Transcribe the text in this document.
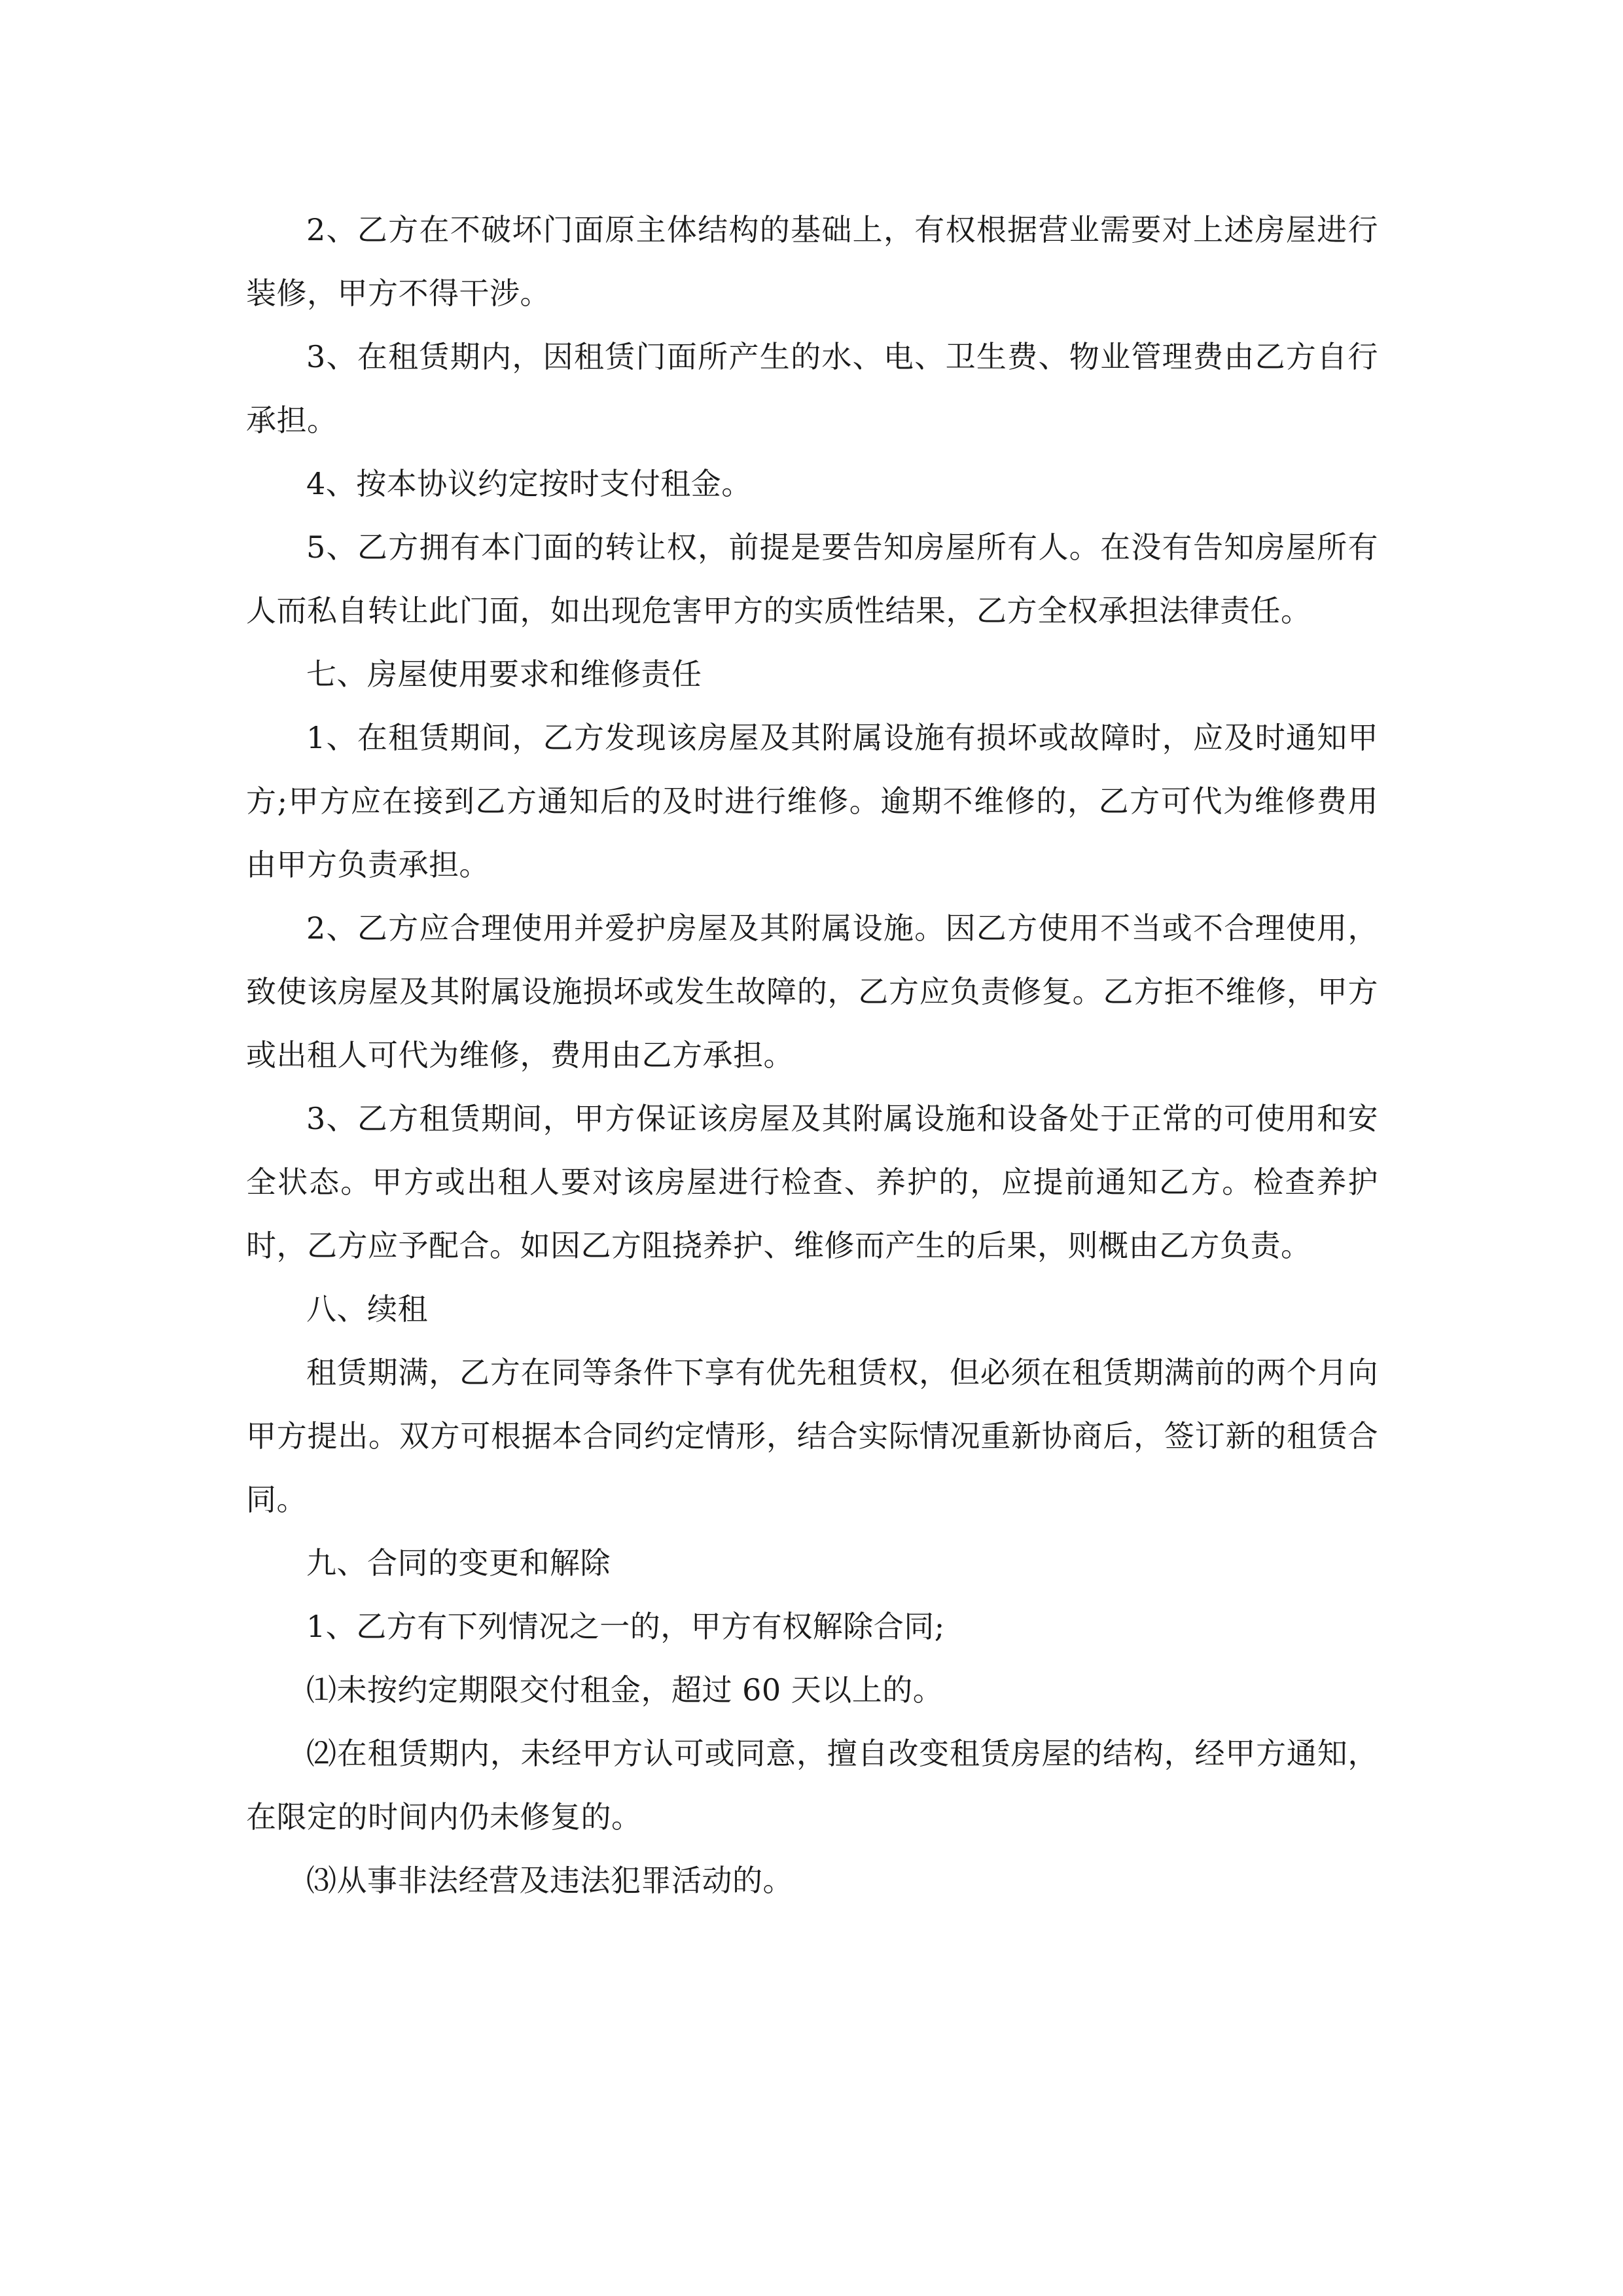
2、乙方在不破坏门面原主体结构的基础上，有权根据营业需要对上述房屋进行装修，甲方不得干涉。

3、在租赁期内，因租赁门面所产生的水、电、卫生费、物业管理费由乙方自行承担。

4、按本协议约定按时支付租金。

5、乙方拥有本门面的转让权，前提是要告知房屋所有人。在没有告知房屋所有人而私自转让此门面，如出现危害甲方的实质性结果，乙方全权承担法律责任。

七、房屋使用要求和维修责任

1、在租赁期间，乙方发现该房屋及其附属设施有损坏或故障时，应及时通知甲方;甲方应在接到乙方通知后的及时进行维修。逾期不维修的，乙方可代为维修费用由甲方负责承担。

2、乙方应合理使用并爱护房屋及其附属设施。因乙方使用不当或不合理使用，致使该房屋及其附属设施损坏或发生故障的，乙方应负责修复。乙方拒不维修，甲方或出租人可代为维修，费用由乙方承担。

3、乙方租赁期间，甲方保证该房屋及其附属设施和设备处于正常的可使用和安全状态。甲方或出租人要对该房屋进行检查、养护的，应提前通知乙方。检查养护时，乙方应予配合。如因乙方阻挠养护、维修而产生的后果，则概由乙方负责。

八、续租

租赁期满，乙方在同等条件下享有优先租赁权，但必须在租赁期满前的两个月向甲方提出。双方可根据本合同约定情形，结合实际情况重新协商后，签订新的租赁合同。

九、合同的变更和解除

1、乙方有下列情况之一的，甲方有权解除合同;

⑴未按约定期限交付租金，超过 60 天以上的。

⑵在租赁期内，未经甲方认可或同意，擅自改变租赁房屋的结构，经甲方通知，在限定的时间内仍未修复的。

⑶从事非法经营及违法犯罪活动的。
